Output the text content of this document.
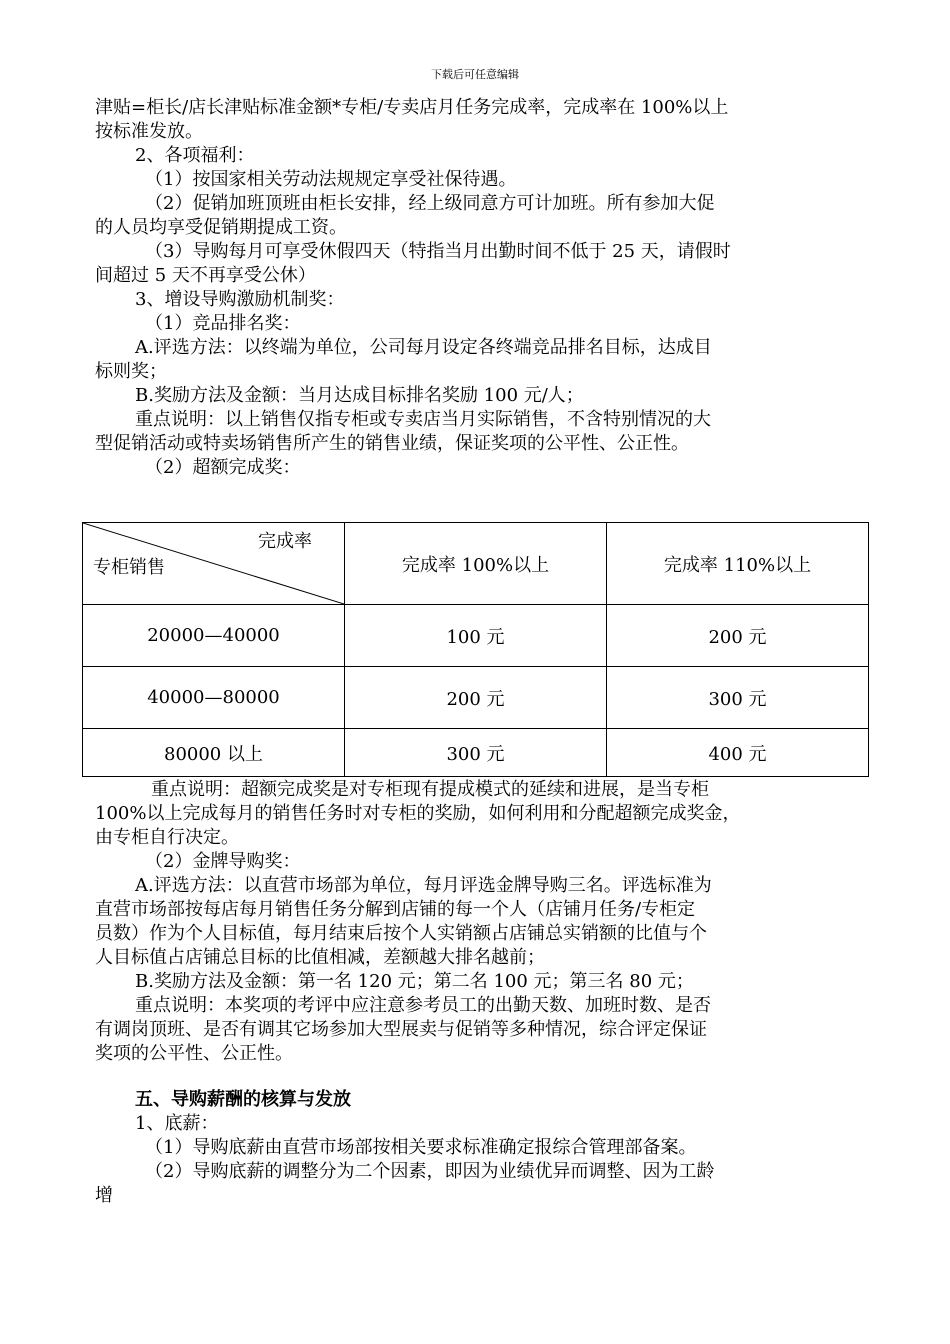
下载后可任意编辑

津贴=柜长/店长津贴标准金额*专柜/专卖店月任务完成率，完成率在 100%以上

按标准发放。

2、各项福利：

（1）按国家相关劳动法规规定享受社保待遇。

（2）促销加班顶班由柜长安排，经上级同意方可计加班。所有参加大促

的人员均享受促销期提成工资。

（3）导购每月可享受休假四天（特指当月出勤时间不低于 25 天，请假时

间超过 5 天不再享受公休）

3、增设导购激励机制奖：

（1）竞品排名奖：

A.评选方法：以终端为单位，公司每月设定各终端竞品排名目标，达成目

标则奖；

B.奖励方法及金额：当月达成目标排名奖励 100 元/人；

重点说明：以上销售仅指专柜或专卖店当月实际销售，不含特别情况的大

型促销活动或特卖场销售所产生的销售业绩，保证奖项的公平性、公正性。

（2）超额完成奖：

完成率
专柜销售	完成率 100%以上	完成率 110%以上
20000—40000	100 元	200 元
40000—80000	200 元	300 元
80000 以上	300 元	400 元

重点说明：超额完成奖是对专柜现有提成模式的延续和进展，是当专柜

100%以上完成每月的销售任务时对专柜的奖励，如何利用和分配超额完成奖金，

由专柜自行决定。

（2）金牌导购奖：

A.评选方法：以直营市场部为单位，每月评选金牌导购三名。评选标准为

直营市场部按每店每月销售任务分解到店铺的每一个人（店铺月任务/专柜定

员数）作为个人目标值，每月结束后按个人实销额占店铺总实销额的比值与个

人目标值占店铺总目标的比值相减，差额越大排名越前；

B.奖励方法及金额：第一名 120 元；第二名 100 元；第三名 80 元；

重点说明：本奖项的考评中应注意参考员工的出勤天数、加班时数、是否

有调岗顶班、是否有调其它场参加大型展卖与促销等多种情况，综合评定保证

奖项的公平性、公正性。

五、导购薪酬的核算与发放

1、底薪：

（1）导购底薪由直营市场部按相关要求标准确定报综合管理部备案。

（2）导购底薪的调整分为二个因素，即因为业绩优异而调整、因为工龄

增
